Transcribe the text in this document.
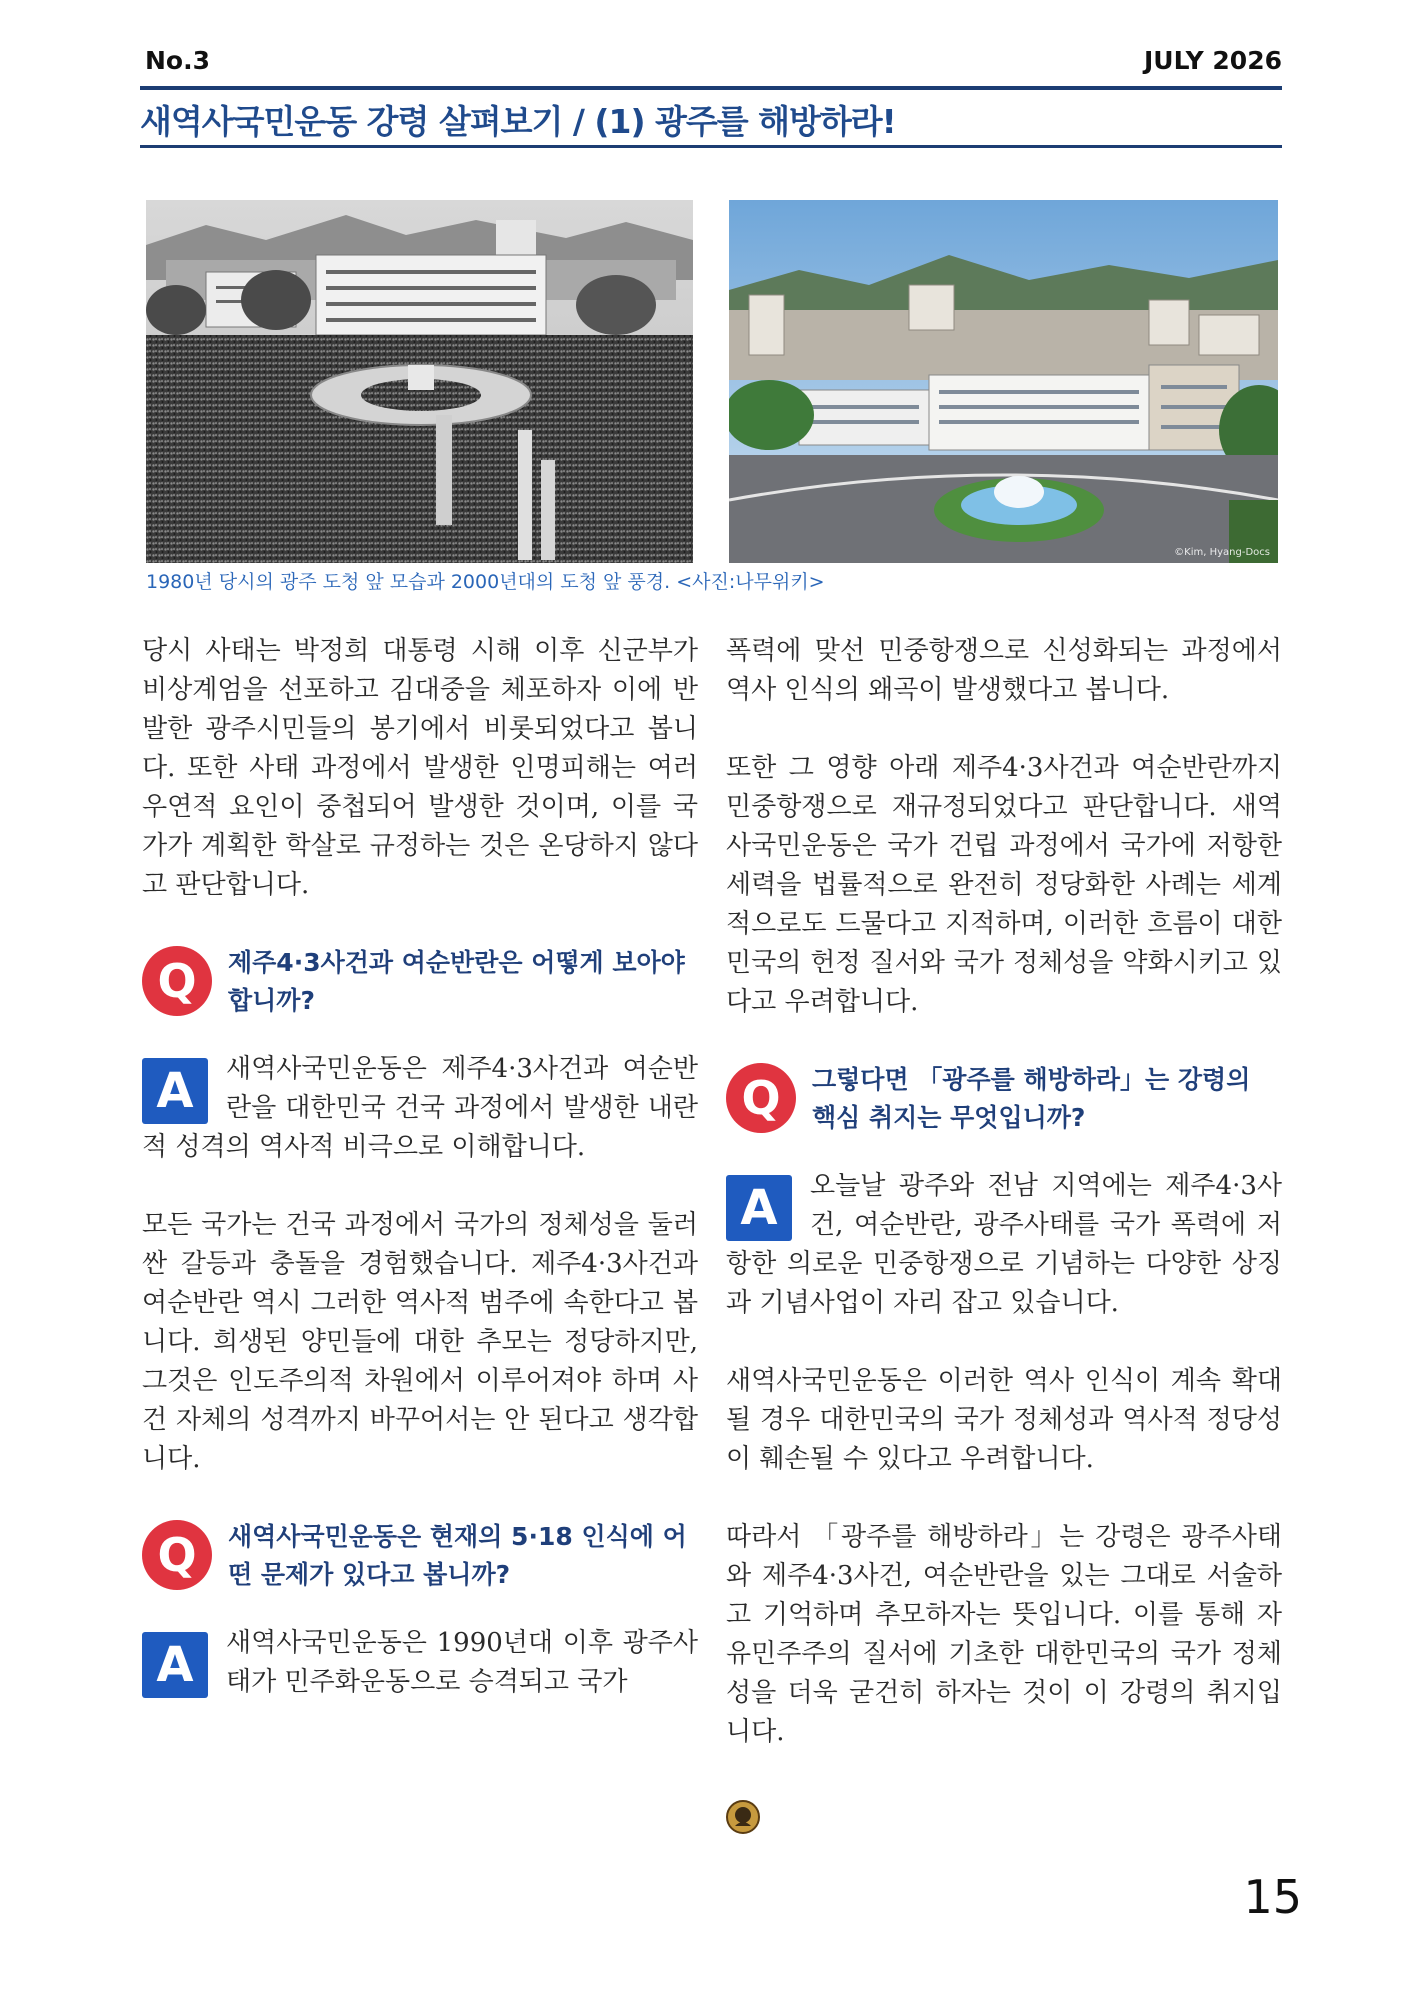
No.3	JULY 2026
새역사국민운동 강령 살펴보기 / (1) 광주를 해방하라!
©Kim, Hyang-Docs
1980년 당시의 광주 도청 앞 모습과 2000년대의 도청 앞 풍경. <사진:나무위키>

당시 사태는 박정희 대통령 시해 이후 신군부가 비상계엄을 선포하고 김대중을 체포하자 이에 반발한 광주시민들의 봉기에서 비롯되었다고 봅니다. 또한 사태 과정에서 발생한 인명피해는 여러 우연적 요인이 중첩되어 발생한 것이며, 이를 국가가 계획한 학살로 규정하는 것은 온당하지 않다고 판단합니다.

Q	제주4·3사건과 여순반란은 어떻게 보아야 합니까?
A	새역사국민운동은 제주4·3사건과 여순반란을 대한민국 건국 과정에서 발생한 내란적 성격의 역사적 비극으로 이해합니다.

모든 국가는 건국 과정에서 국가의 정체성을 둘러싼 갈등과 충돌을 경험했습니다. 제주4·3사건과 여순반란 역시 그러한 역사적 범주에 속한다고 봅니다. 희생된 양민들에 대한 추모는 정당하지만, 그것은 인도주의적 차원에서 이루어져야 하며 사건 자체의 성격까지 바꾸어서는 안 된다고 생각합니다.

Q	새역사국민운동은 현재의 5·18 인식에 어떤 문제가 있다고 봅니까?
A	새역사국민운동은 1990년대 이후 광주사태가 민주화운동으로 승격되고 국가

폭력에 맞선 민중항쟁으로 신성화되는 과정에서 역사 인식의 왜곡이 발생했다고 봅니다.

또한 그 영향 아래 제주4·3사건과 여순반란까지 민중항쟁으로 재규정되었다고 판단합니다. 새역사국민운동은 국가 건립 과정에서 국가에 저항한 세력을 법률적으로 완전히 정당화한 사례는 세계적으로도 드물다고 지적하며, 이러한 흐름이 대한민국의 헌정 질서와 국가 정체성을 약화시키고 있다고 우려합니다.

Q	그렇다면 「광주를 해방하라」는 강령의 핵심 취지는 무엇입니까?
A	오늘날 광주와 전남 지역에는 제주4·3사건, 여순반란, 광주사태를 국가 폭력에 저항한 의로운 민중항쟁으로 기념하는 다양한 상징과 기념사업이 자리 잡고 있습니다.

새역사국민운동은 이러한 역사 인식이 계속 확대될 경우 대한민국의 국가 정체성과 역사적 정당성이 훼손될 수 있다고 우려합니다.

따라서 「광주를 해방하라」는 강령은 광주사태와 제주4·3사건, 여순반란을 있는 그대로 서술하고 기억하며 추모하자는 뜻입니다. 이를 통해 자유민주주의 질서에 기초한 대한민국의 국가 정체성을 더욱 굳건히 하자는 것이 이 강령의 취지입니다.

15
